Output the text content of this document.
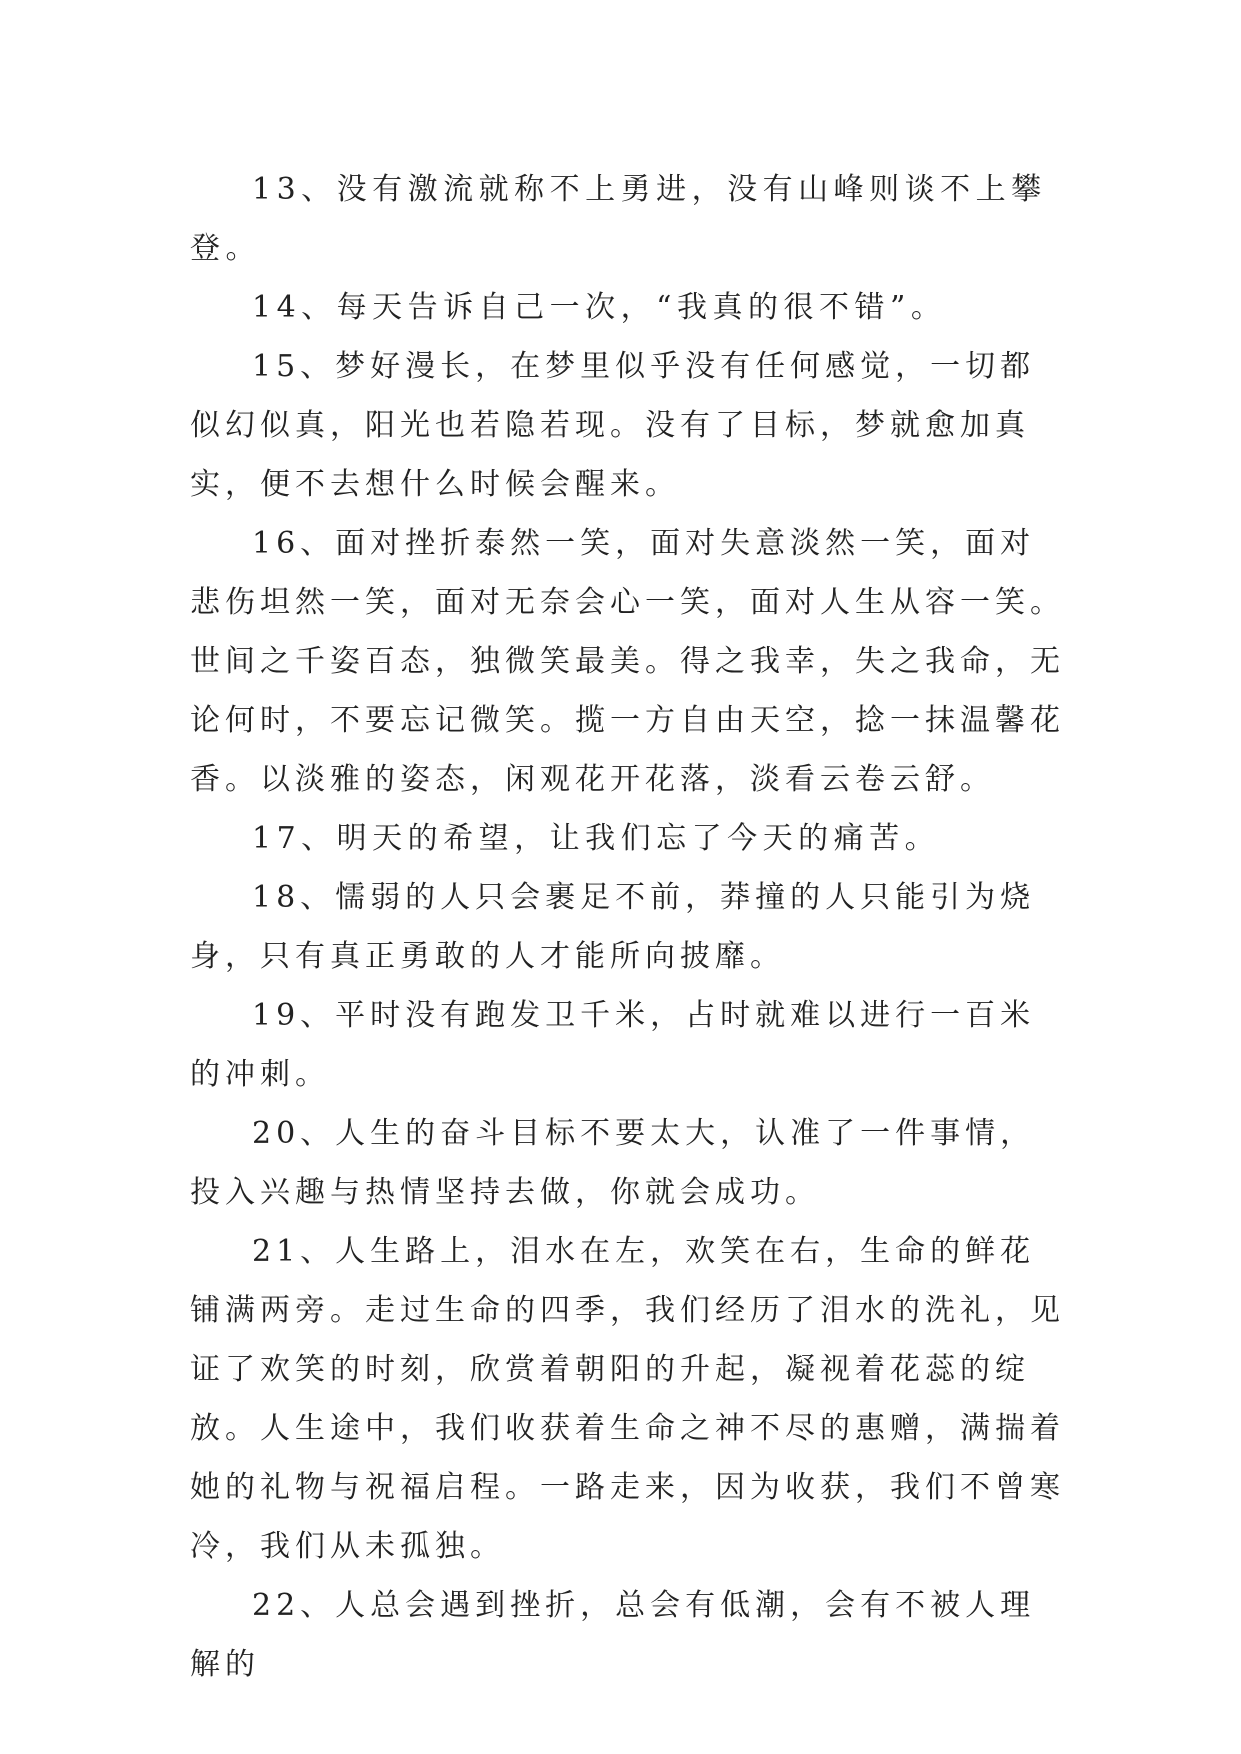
13、没有激流就称不上勇进，没有山峰则谈不上攀登。

14、每天告诉自己一次，“我真的很不错”。

15、梦好漫长，在梦里似乎没有任何感觉，一切都似幻似真，阳光也若隐若现。没有了目标，梦就愈加真实，便不去想什么时候会醒来。

16、面对挫折泰然一笑，面对失意淡然一笑，面对悲伤坦然一笑，面对无奈会心一笑，面对人生从容一笑。世间之千姿百态，独微笑最美。得之我幸，失之我命，无论何时，不要忘记微笑。揽一方自由天空，捻一抹温馨花香。以淡雅的姿态，闲观花开花落，淡看云卷云舒。

17、明天的希望，让我们忘了今天的痛苦。

18、懦弱的人只会裹足不前，莽撞的人只能引为烧身，只有真正勇敢的人才能所向披靡。

19、平时没有跑发卫千米，占时就难以进行一百米的冲刺。

20、人生的奋斗目标不要太大，认准了一件事情，投入兴趣与热情坚持去做，你就会成功。

21、人生路上，泪水在左，欢笑在右，生命的鲜花铺满两旁。走过生命的四季，我们经历了泪水的洗礼，见证了欢笑的时刻，欣赏着朝阳的升起，凝视着花蕊的绽放。人生途中，我们收获着生命之神不尽的惠赠，满揣着她的礼物与祝福启程。一路走来，因为收获，我们不曾寒冷，我们从未孤独。

22、人总会遇到挫折，总会有低潮，会有不被人理解的
